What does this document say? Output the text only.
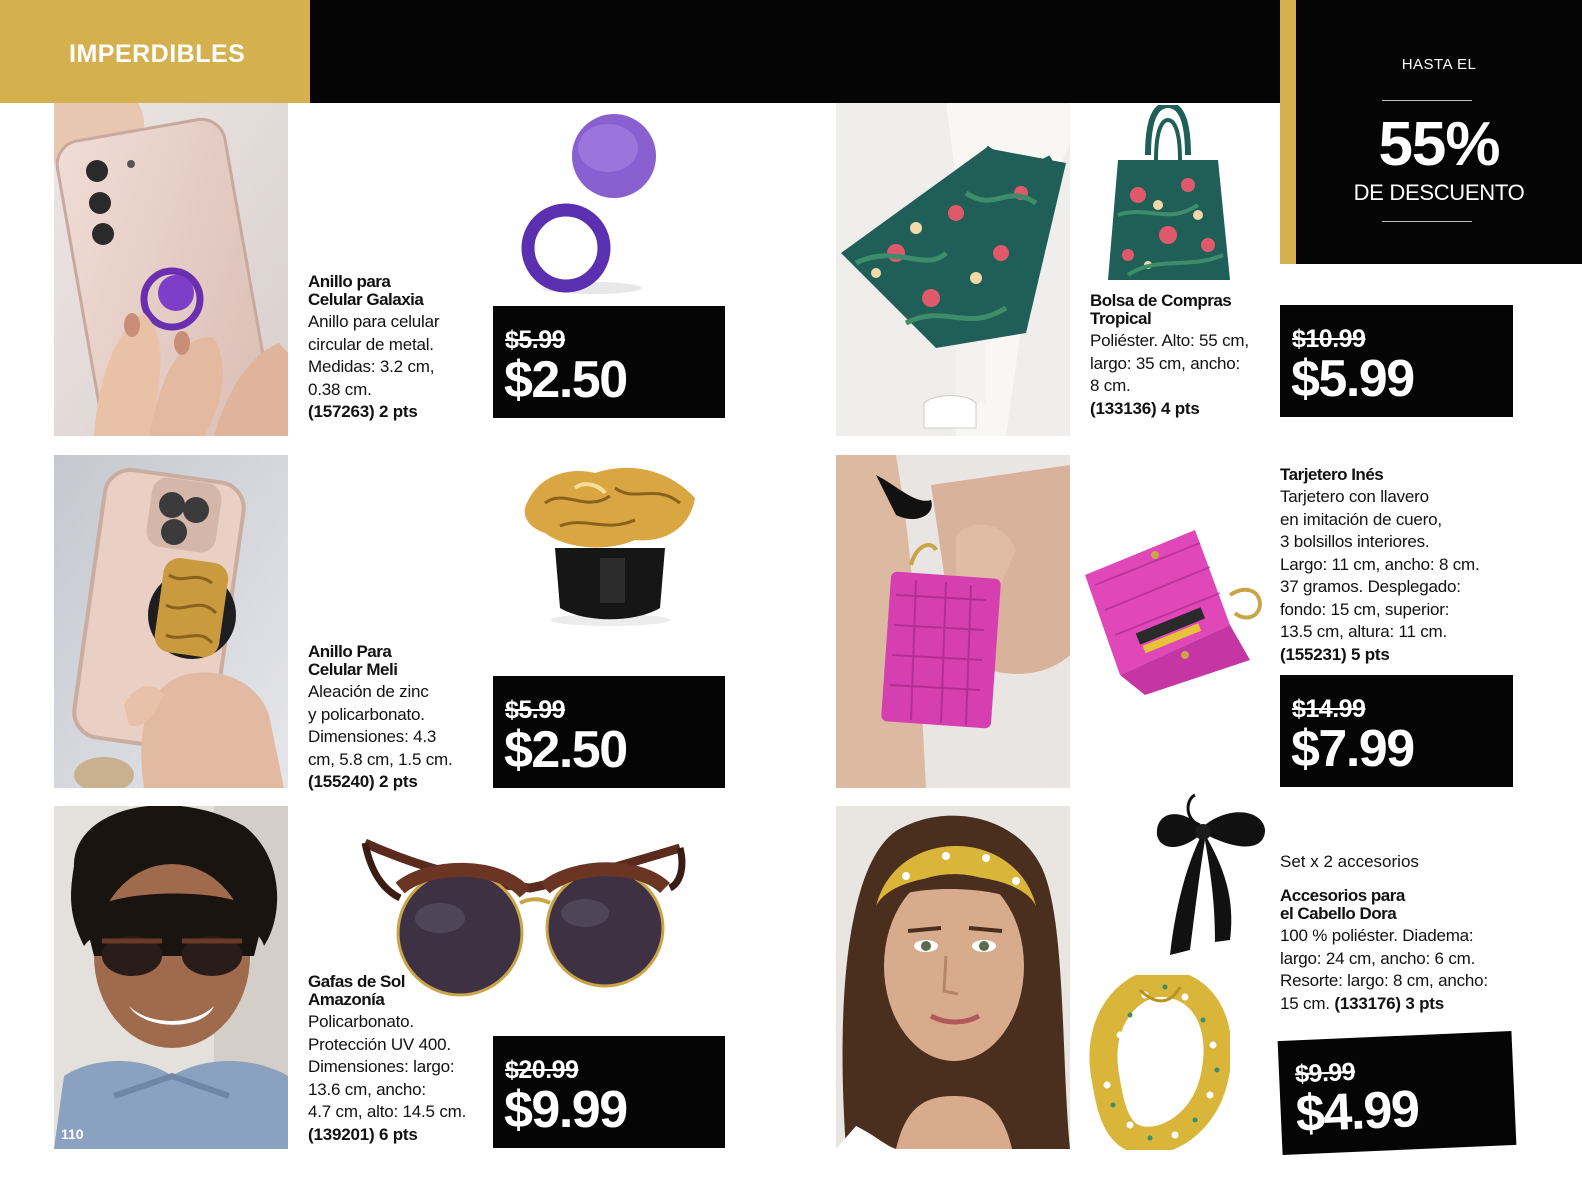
IMPERDIBLES	HASTA EL
55%
DE DESCUENTO
Anillo para
Celular Galaxia
Anillo para celular
circular de metal.
Medidas: 3.2 cm,
0.38 cm.
(157263) 2 pts
$5.99
$2.50
Bolsa de Compras
Tropical
Poliéster. Alto: 55 cm,
largo: 35 cm, ancho:
8 cm.
(133136) 4 pts
$10.99
$5.99
Anillo Para
Celular Meli
Aleación de zinc
y policarbonato.
Dimensiones: 4.3
cm, 5.8 cm, 1.5 cm.
(155240) 2 pts
$5.99
$2.50
Tarjetero Inés
Tarjetero con llavero
en imitación de cuero,
3 bolsillos interiores.
Largo: 11 cm, ancho: 8 cm.
37 gramos. Desplegado:
fondo: 15 cm, superior:
13.5 cm, altura: 11 cm.
(155231) 5 pts
$14.99
$7.99
110
Gafas de Sol
Amazonía
Policarbonato.
Protección UV 400.
Dimensiones: largo:
13.6 cm, ancho:
4.7 cm, alto: 14.5 cm.
(139201) 6 pts
$20.99
$9.99
Set x 2 accesorios
Accesorios para
el Cabello Dora
100 % poliéster. Diadema:
largo: 24 cm, ancho: 6 cm.
Resorte: largo: 8 cm, ancho:
15 cm. (133176) 3 pts
$9.99
$4.99
